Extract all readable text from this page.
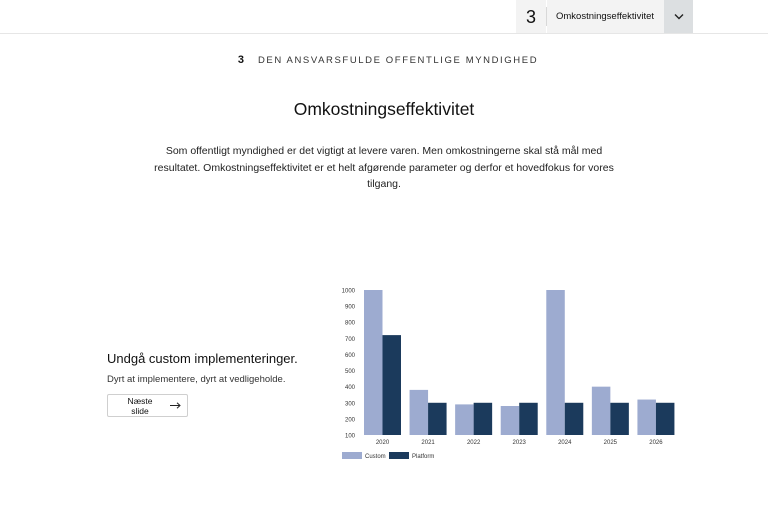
3	Omkostningseffektivitet
3 DEN ANSVARSFULDE OFFENTLIGE MYNDIGHED
Omkostningseffektivitet

Som offentligt myndighed er det vigtigt at levere varen. Men omkostningerne skal stå mål med resultatet. Omkostningseffektivitet er et helt afgørende parameter og derfor et hovedfokus for vores tilgang.

Undgå custom implementeringer.
Dyrt at implementere, dyrt at vedligeholde.
Næste slide
100
200
300
400
500
600
700
800
900
1000
2020	2021	2022	2023	2024	2025	2026
Custom	Platform
